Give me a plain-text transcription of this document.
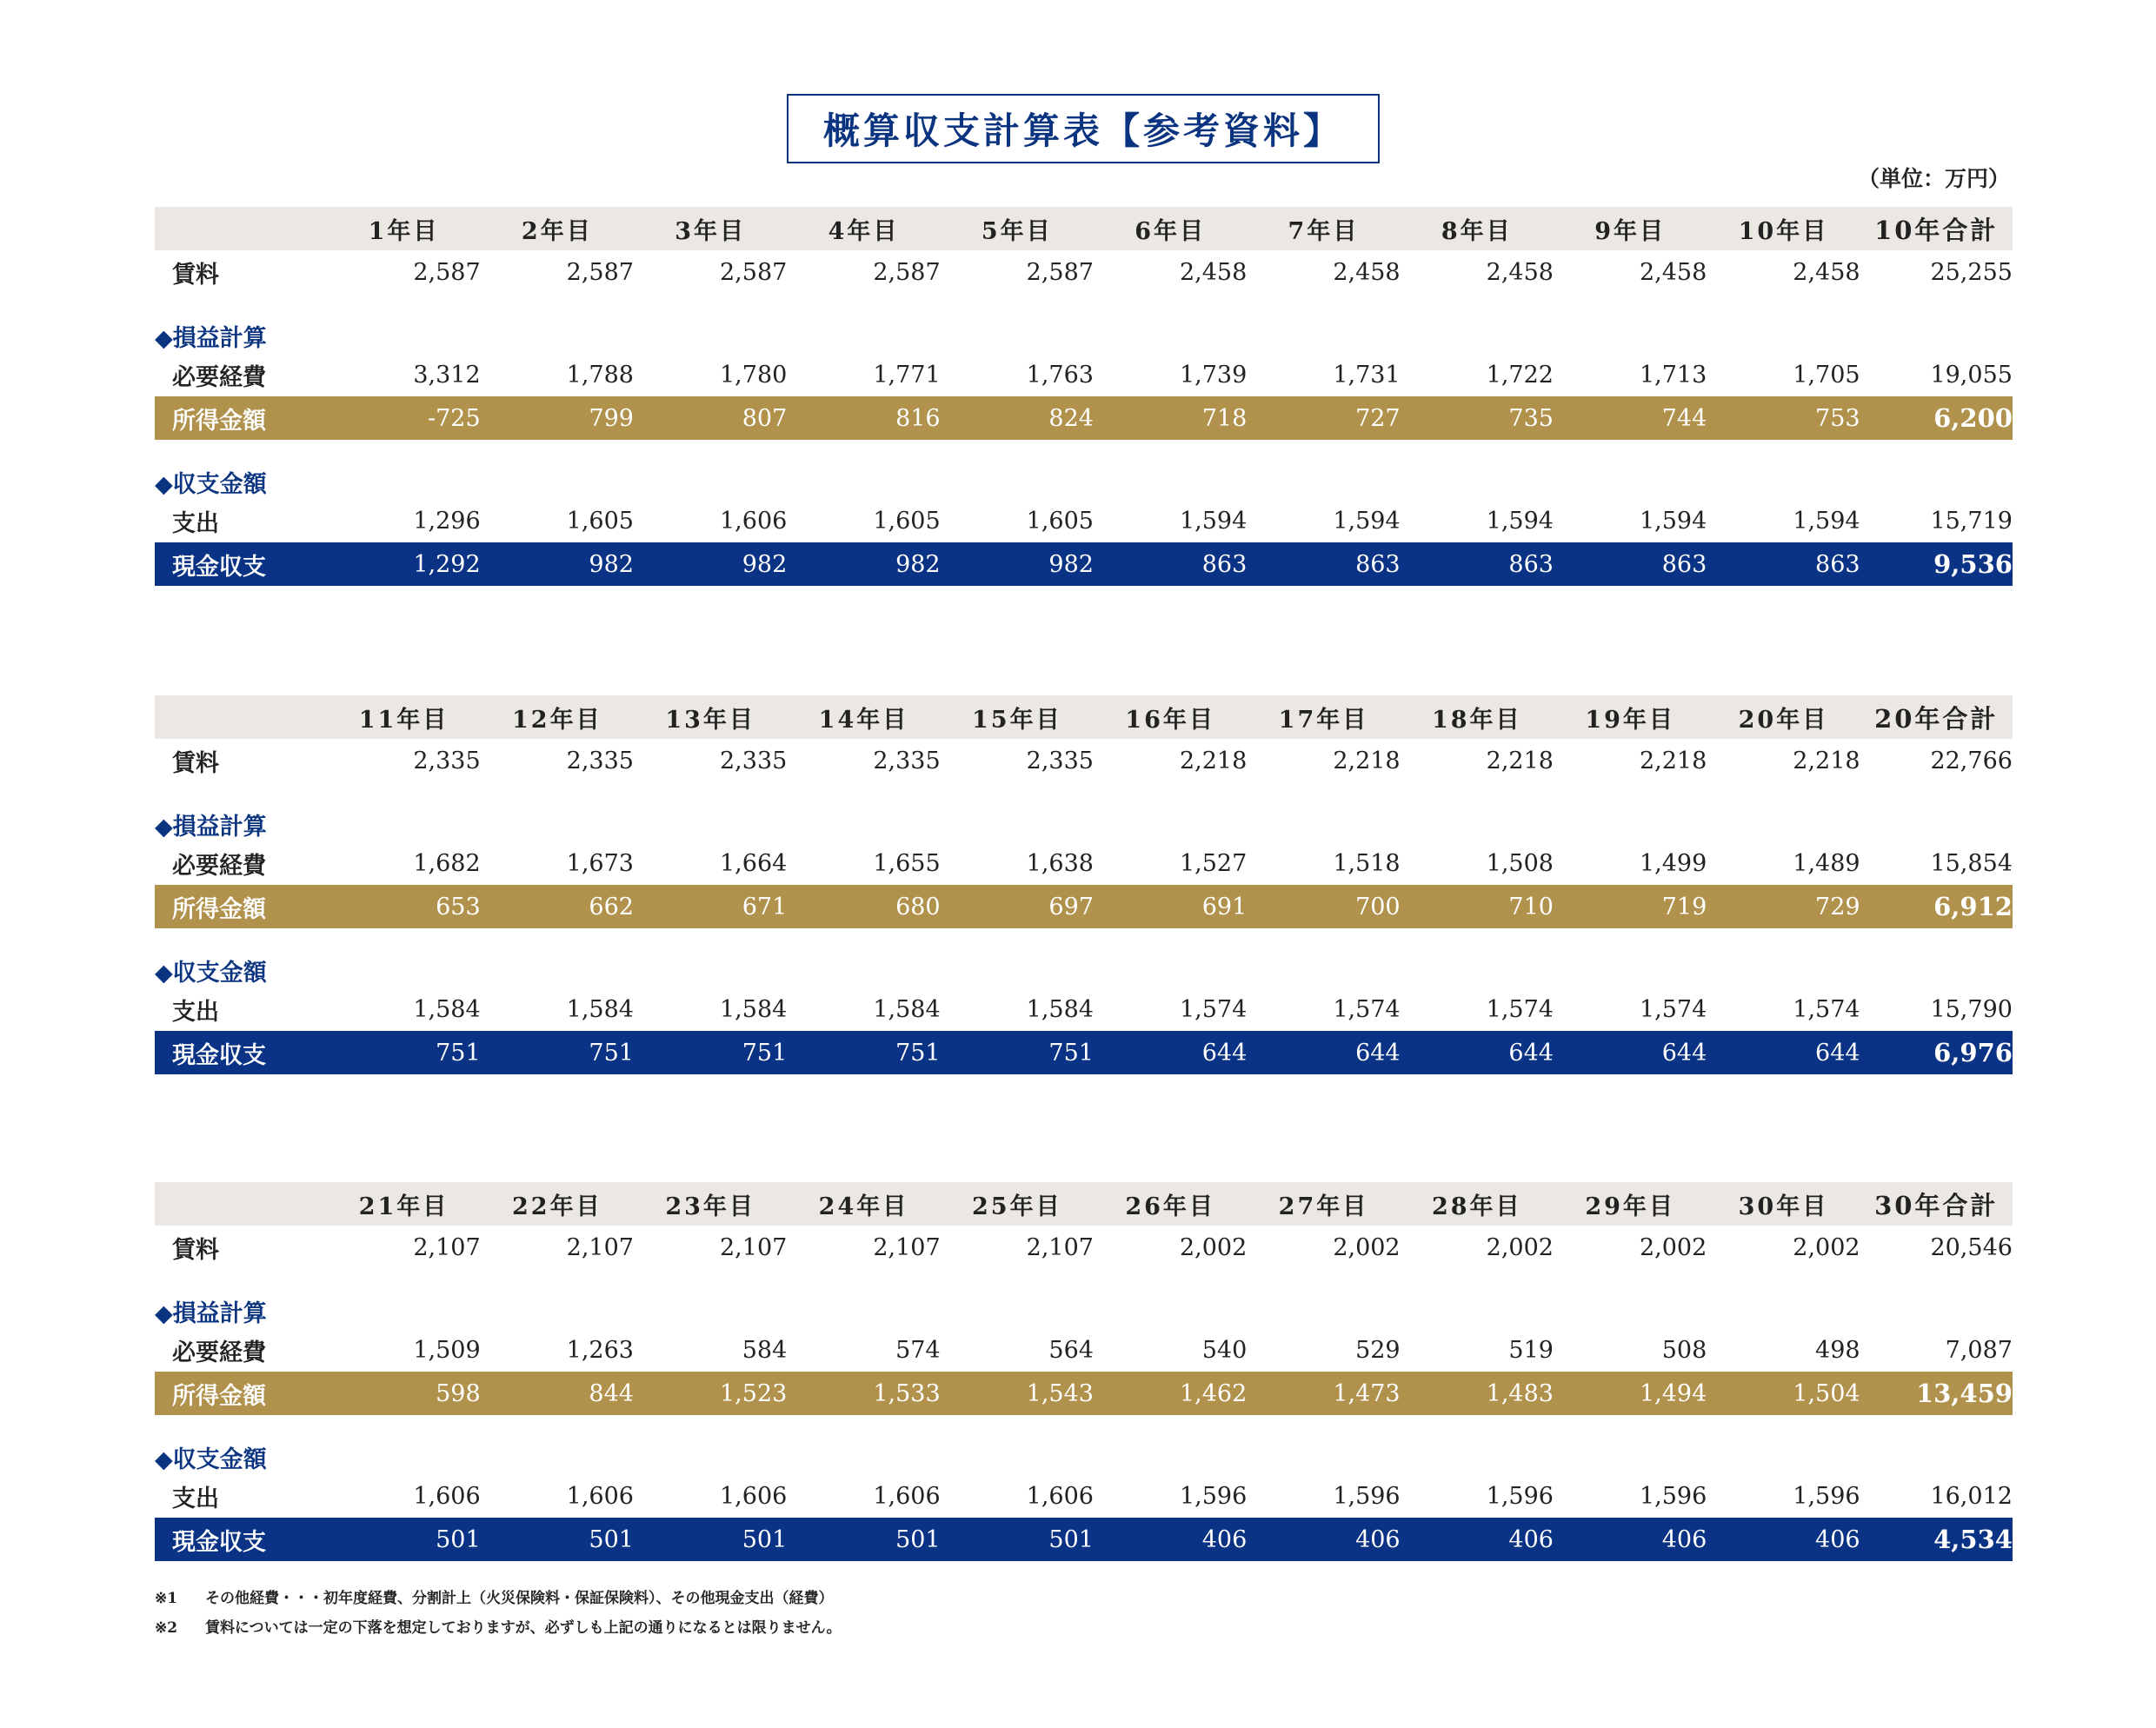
概算収支計算表【参考資料】
（単位：万円）
1年目	2年目	3年目	4年目	5年目	6年目	7年目	8年目	9年目	10年目	10年合計
賃料	2,587	2,587	2,587	2,587	2,587	2,458	2,458	2,458	2,458	2,458	25,255
◆損益計算
必要経費	3,312	1,788	1,780	1,771	1,763	1,739	1,731	1,722	1,713	1,705	19,055
所得金額	-725	799	807	816	824	718	727	735	744	753	6,200
◆収支金額
支出	1,296	1,605	1,606	1,605	1,605	1,594	1,594	1,594	1,594	1,594	15,719
現金収支	1,292	982	982	982	982	863	863	863	863	863	9,536
11年目	12年目	13年目	14年目	15年目	16年目	17年目	18年目	19年目	20年目	20年合計
賃料	2,335	2,335	2,335	2,335	2,335	2,218	2,218	2,218	2,218	2,218	22,766
◆損益計算
必要経費	1,682	1,673	1,664	1,655	1,638	1,527	1,518	1,508	1,499	1,489	15,854
所得金額	653	662	671	680	697	691	700	710	719	729	6,912
◆収支金額
支出	1,584	1,584	1,584	1,584	1,584	1,574	1,574	1,574	1,574	1,574	15,790
現金収支	751	751	751	751	751	644	644	644	644	644	6,976
21年目	22年目	23年目	24年目	25年目	26年目	27年目	28年目	29年目	30年目	30年合計
賃料	2,107	2,107	2,107	2,107	2,107	2,002	2,002	2,002	2,002	2,002	20,546
◆損益計算
必要経費	1,509	1,263	584	574	564	540	529	519	508	498	7,087
所得金額	598	844	1,523	1,533	1,543	1,462	1,473	1,483	1,494	1,504	13,459
◆収支金額
支出	1,606	1,606	1,606	1,606	1,606	1,596	1,596	1,596	1,596	1,596	16,012
現金収支	501	501	501	501	501	406	406	406	406	406	4,534
※1 その他経費・・・初年度経費、分割計上（火災保険料・保証保険料）、その他現金支出（経費）
※2 賃料については一定の下落を想定しておりますが、必ずしも上記の通りになるとは限りません。
